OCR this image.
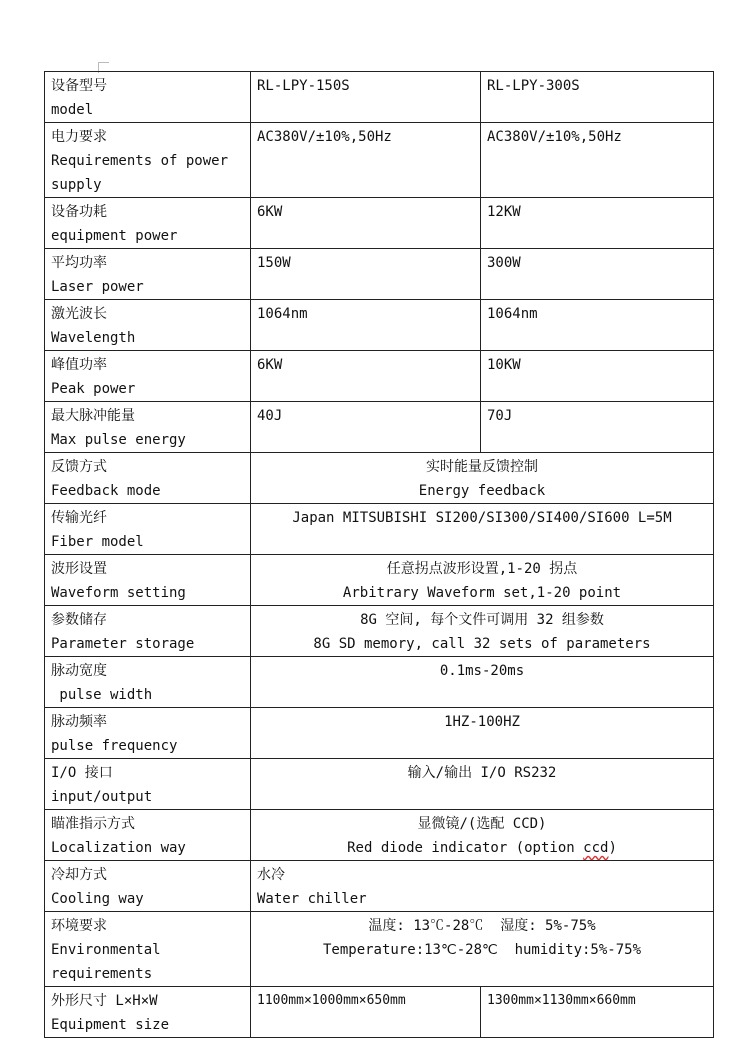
设备型号
model	RL-LPY-150S	RL-LPY-300S

电力要求
Requirements of power
supply	AC380V/±10%,50Hz	AC380V/±10%,50Hz

设备功耗
equipment power	6KW	12KW

平均功率
Laser power	150W	300W

激光波长
Wavelength	1064nm	1064nm

峰值功率
Peak power	6KW	10KW

最大脉冲能量
Max pulse energy	40J	70J

反馈方式
Feedback mode	实时能量反馈控制
Energy feedback	

传输光纤
Fiber model	Japan MITSUBISHI SI200/SI300/SI400/SI600 L=5M	

波形设置
Waveform setting	任意拐点波形设置,1-20 拐点
Arbitrary Waveform set,1-20 point	

参数储存
Parameter storage	8G 空间, 每个文件可调用 32 组参数
8G SD memory, call 32 sets of parameters	

脉动宽度
pulse width	0.1ms-20ms	

脉动频率
pulse frequency	1HZ-100HZ	

I/O 接口
input/output	输入/输出 I/O RS232	

瞄准指示方式
Localization way	显微镜/(选配 CCD)
Red diode indicator (option ccd)	

冷却方式
Cooling way	水冷
Water chiller	

环境要求
Environmental
requirements	温度: 13℃-28℃  湿度: 5%-75%
Temperature:13℃-28℃  humidity:5%-75%	

外形尺寸 L×H×W
Equipment size	1100mm×1000mm×650mm	1300mm×1130mm×660mm
